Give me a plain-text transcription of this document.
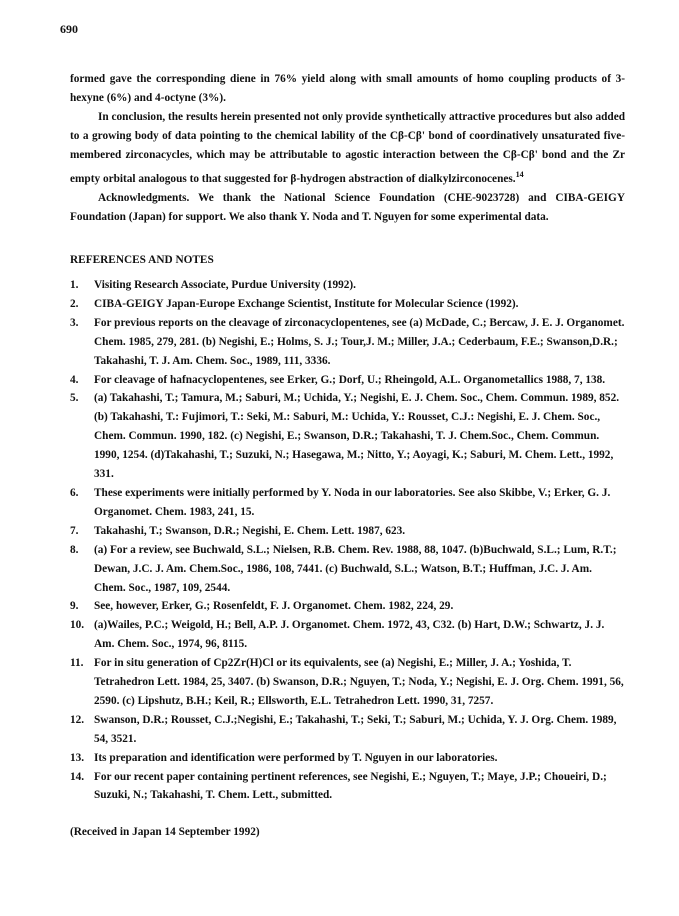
690

formed gave the corresponding diene in 76% yield along with small amounts of homo coupling products of 3-hexyne (6%) and 4-octyne (3%).

In conclusion, the results herein presented not only provide synthetically attractive procedures but also added to a growing body of data pointing to the chemical lability of the Cβ-Cβ' bond of coordinatively unsaturated five-membered zirconacycles, which may be attributable to agostic interaction between the Cβ-Cβ' bond and the Zr empty orbital analogous to that suggested for β-hydrogen abstraction of dialkylzirconocenes.$^{14}$

Acknowledgments. We thank the National Science Foundation (CHE-9023728) and CIBA-GEIGY Foundation (Japan) for support. We also thank Y. Noda and T. Nguyen for some experimental data.

REFERENCES AND NOTES
1.	Visiting Research Associate, Purdue University (1992).
2.	CIBA-GEIGY Japan-Europe Exchange Scientist, Institute for Molecular Science (1992).
3.	For previous reports on the cleavage of zirconacyclopentenes, see (a) McDade, C.; Bercaw, J. E. J. Organomet. Chem. 1985, 279, 281. (b) Negishi, E.; Holms, S. J.; Tour,J. M.; Miller, J.A.; Cederbaum, F.E.; Swanson,D.R.; Takahashi, T. J. Am. Chem. Soc., 1989, 111, 3336.
4.	For cleavage of hafnacyclopentenes, see Erker, G.; Dorf, U.; Rheingold, A.L. Organometallics 1988, 7, 138.
5.	(a) Takahashi, T.; Tamura, M.; Saburi, M.; Uchida, Y.; Negishi, E. J. Chem. Soc., Chem. Commun. 1989, 852. (b) Takahashi, T.: Fujimori, T.: Seki, M.: Saburi, M.: Uchida, Y.: Rousset, C.J.: Negishi, E. J. Chem. Soc., Chem. Commun. 1990, 182. (c) Negishi, E.; Swanson, D.R.; Takahashi, T. J. Chem.Soc., Chem. Commun. 1990, 1254. (d)Takahashi, T.; Suzuki, N.; Hasegawa, M.; Nitto, Y.; Aoyagi, K.; Saburi, M. Chem. Lett., 1992, 331.
6.	These experiments were initially performed by Y. Noda in our laboratories. See also Skibbe, V.; Erker, G. J. Organomet. Chem. 1983, 241, 15.
7.	Takahashi, T.; Swanson, D.R.; Negishi, E. Chem. Lett. 1987, 623.
8.	(a) For a review, see Buchwald, S.L.; Nielsen, R.B. Chem. Rev. 1988, 88, 1047. (b)Buchwald, S.L.; Lum, R.T.; Dewan, J.C. J. Am. Chem.Soc., 1986, 108, 7441. (c) Buchwald, S.L.; Watson, B.T.; Huffman, J.C. J. Am. Chem. Soc., 1987, 109, 2544.
9.	See, however, Erker, G.; Rosenfeldt, F. J. Organomet. Chem. 1982, 224, 29.
10. (a)Wailes, P.C.; Weigold, H.; Bell, A.P. J. Organomet. Chem. 1972, 43, C32. (b) Hart, D.W.; Schwartz, J. J. Am. Chem. Soc., 1974, 96, 8115.
11. For in situ generation of Cp2Zr(H)Cl or its equivalents, see (a) Negishi, E.; Miller, J. A.; Yoshida, T. Tetrahedron Lett. 1984, 25, 3407. (b) Swanson, D.R.; Nguyen, T.; Noda, Y.; Negishi, E. J. Org. Chem. 1991, 56, 2590. (c) Lipshutz, B.H.; Keil, R.; Ellsworth, E.L. Tetrahedron Lett. 1990, 31, 7257.
12. Swanson, D.R.; Rousset, C.J.;Negishi, E.; Takahashi, T.; Seki, T.; Saburi, M.; Uchida, Y. J. Org. Chem. 1989, 54, 3521.
13. Its preparation and identification were performed by T. Nguyen in our laboratories.
14. For our recent paper containing pertinent references, see Negishi, E.; Nguyen, T.; Maye, J.P.; Choueiri, D.; Suzuki, N.; Takahashi, T. Chem. Lett., submitted.
(Received in Japan 14 September 1992)
